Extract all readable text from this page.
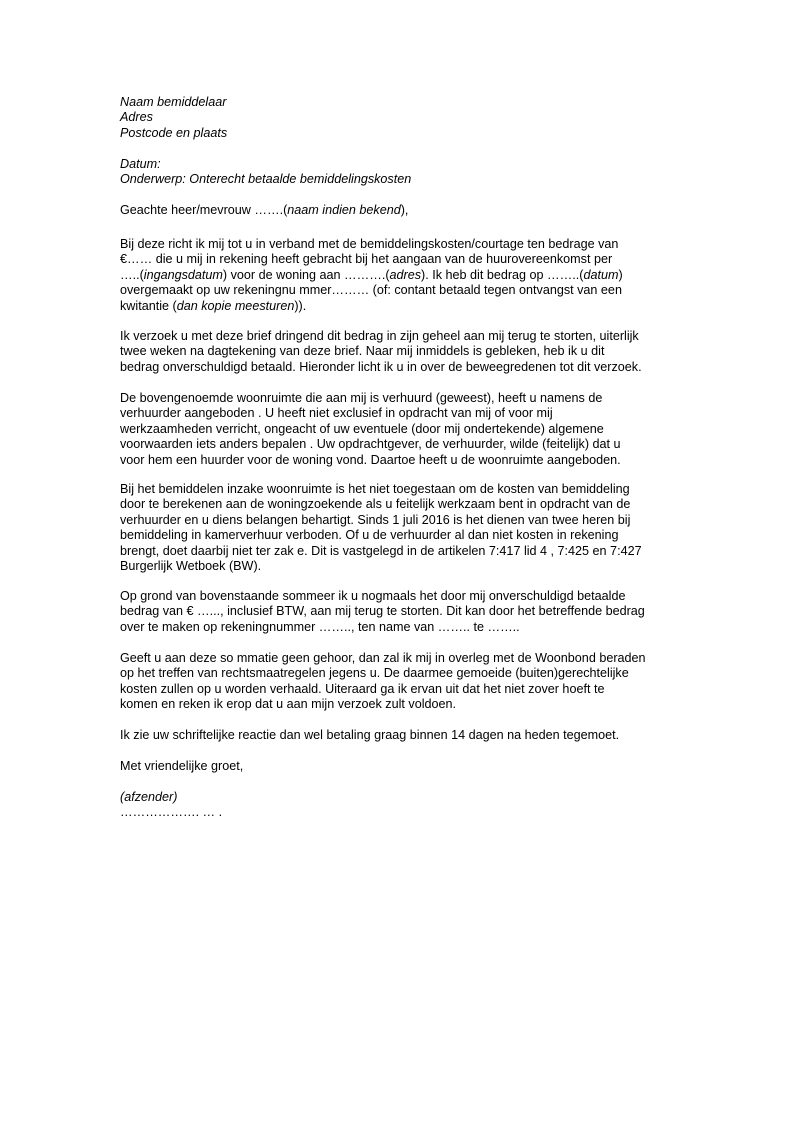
Naam bemiddelaar
Adres
Postcode en plaats
Datum:
Onderwerp: Onterecht betaalde bemiddelingskosten
Geachte heer/mevrouw …….(naam indien bekend),
Bij deze richt ik mij tot u in verband met de bemiddelingskosten/courtage ten bedrage van
€…… die u mij in rekening heeft gebracht bij het aangaan van de huurovereenkomst per
…..(ingangsdatum) voor de woning aan ……….(adres). Ik heb dit bedrag op ……..(datum)
overgemaakt op uw rekeningnu mmer……… (of: contant betaald tegen ontvangst van een
kwitantie (dan kopie meesturen)).
Ik verzoek u met deze brief dringend dit bedrag in zijn geheel aan mij terug te storten, uiterlijk
twee weken na dagtekening van deze brief. Naar mij inmiddels is gebleken, heb ik u dit
bedrag onverschuldigd betaald. Hieronder licht ik u in over de beweegredenen tot dit verzoek.
De bovengenoemde woonruimte die aan mij is verhuurd (geweest), heeft u namens de
verhuurder aangeboden . U heeft niet exclusief in opdracht van mij of voor mij
werkzaamheden verricht, ongeacht of uw eventuele (door mij ondertekende) algemene
voorwaarden iets anders bepalen . Uw opdrachtgever, de verhuurder, wilde (feitelijk) dat u
voor hem een huurder voor de woning vond. Daartoe heeft u de woonruimte aangeboden.
Bij het bemiddelen inzake woonruimte is het niet toegestaan om de kosten van bemiddeling
door te berekenen aan de woningzoekende als u feitelijk werkzaam bent in opdracht van de
verhuurder en u diens belangen behartigt. Sinds 1 juli 2016 is het dienen van twee heren bij
bemiddeling in kamerverhuur verboden. Of u de verhuurder al dan niet kosten in rekening
brengt, doet daarbij niet ter zak e. Dit is vastgelegd in de artikelen 7:417 lid 4 , 7:425 en 7:427
Burgerlijk Wetboek (BW).
Op grond van bovenstaande sommeer ik u nogmaals het door mij onverschuldigd betaalde
bedrag van € …..., inclusief BTW, aan mij terug te storten. Dit kan door het betreffende bedrag
over te maken op rekeningnummer …….., ten name van …….. te ……..
Geeft u aan deze so mmatie geen gehoor, dan zal ik mij in overleg met de Woonbond beraden
op het treffen van rechtsmaatregelen jegens u. De daarmee gemoeide (buiten)gerechtelijke
kosten zullen op u worden verhaald. Uiteraard ga ik ervan uit dat het niet zover hoeft te
komen en reken ik erop dat u aan mijn verzoek zult voldoen.
Ik zie uw schriftelijke reactie dan wel betaling graag binnen 14 dagen na heden tegemoet.
Met vriendelijke groet,
(afzender)
………………. … .
